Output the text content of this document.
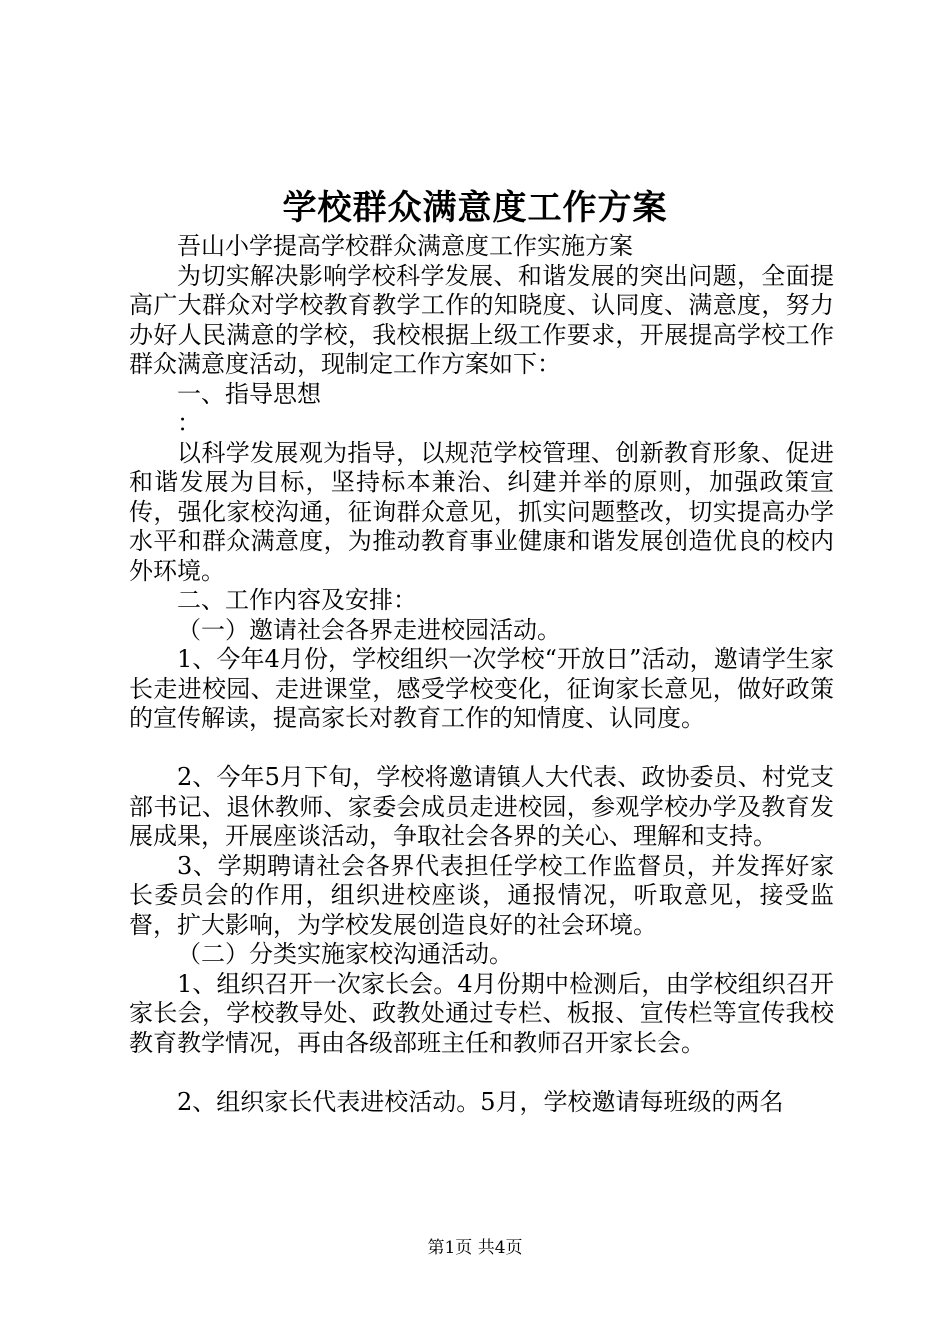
学校群众满意度工作方案

吾山小学提高学校群众满意度工作实施方案

为切实解决影响学校科学发展、和谐发展的突出问题，全面提高广大群众对学校教育教学工作的知晓度、认同度、满意度，努力办好人民满意的学校，我校根据上级工作要求，开展提高学校工作群众满意度活动，现制定工作方案如下：

一、指导思想

：

以科学发展观为指导，以规范学校管理、创新教育形象、促进和谐发展为目标，坚持标本兼治、纠建并举的原则，加强政策宣传，强化家校沟通，征询群众意见，抓实问题整改，切实提高办学水平和群众满意度，为推动教育事业健康和谐发展创造优良的校内外环境。

二、工作内容及安排：

（一）邀请社会各界走进校园活动。

1、今年4月份，学校组织一次学校“开放日”活动，邀请学生家长走进校园、走进课堂，感受学校变化，征询家长意见，做好政策的宣传解读，提高家长对教育工作的知情度、认同度。

2、今年5月下旬，学校将邀请镇人大代表、政协委员、村党支部书记、退休教师、家委会成员走进校园，参观学校办学及教育发展成果，开展座谈活动，争取社会各界的关心、理解和支持。

3、学期聘请社会各界代表担任学校工作监督员，并发挥好家长委员会的作用，组织进校座谈，通报情况，听取意见，接受监督，扩大影响，为学校发展创造良好的社会环境。

（二）分类实施家校沟通活动。

1、组织召开一次家长会。4月份期中检测后，由学校组织召开家长会，学校教导处、政教处通过专栏、板报、宣传栏等宣传我校教育教学情况，再由各级部班主任和教师召开家长会。

2、组织家长代表进校活动。5月，学校邀请每班级的两名

第1页 共4页
